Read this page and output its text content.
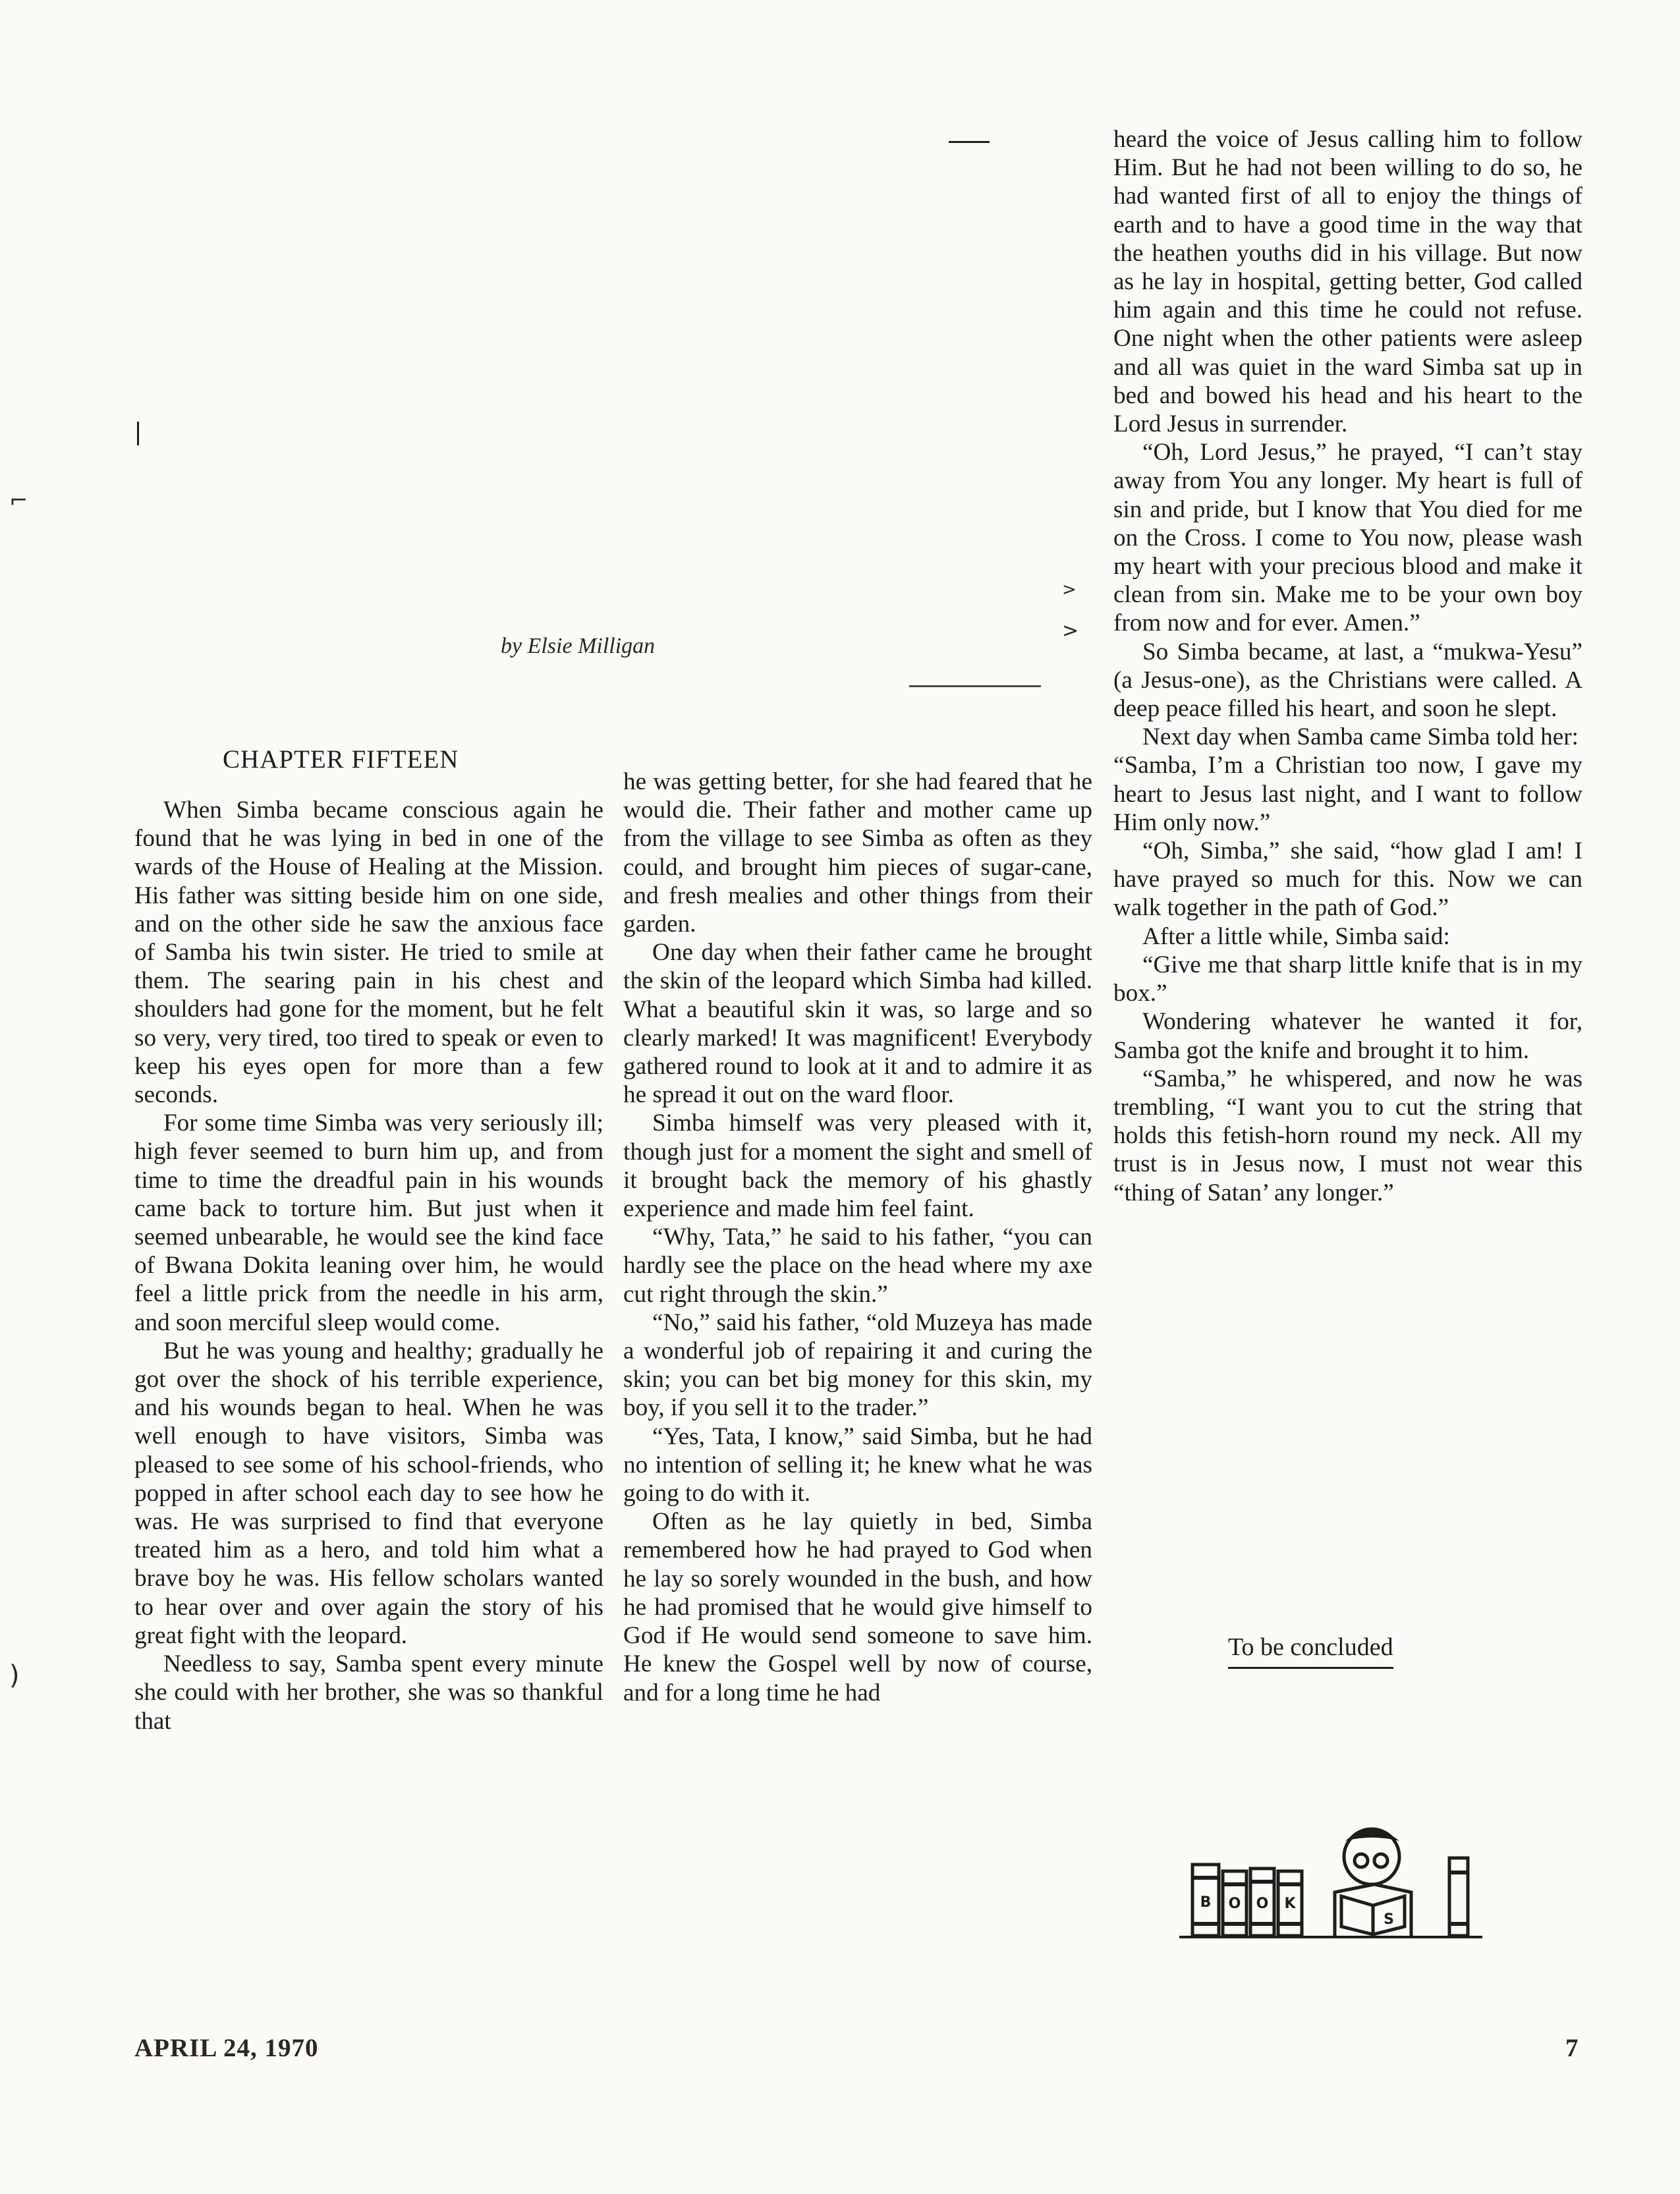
by Elsie Milligan
CHAPTER FIFTEEN

When Simba became conscious again he found that he was lying in bed in one of the wards of the House of Healing at the Mission. His father was sitting beside him on one side, and on the other side he saw the anxious face of Samba his twin sister. He tried to smile at them. The searing pain in his chest and shoulders had gone for the moment, but he felt so very, very tired, too tired to speak or even to keep his eyes open for more than a few seconds.

For some time Simba was very seriously ill; high fever seemed to burn him up, and from time to time the dreadful pain in his wounds came back to torture him. But just when it seemed unbearable, he would see the kind face of Bwana Dokita leaning over him, he would feel a little prick from the needle in his arm, and soon merciful sleep would come.

But he was young and healthy; gradually he got over the shock of his terrible experience, and his wounds began to heal. When he was well enough to have visitors, Simba was pleased to see some of his school-friends, who popped in after school each day to see how he was. He was surprised to find that everyone treated him as a hero, and told him what a brave boy he was. His fellow scholars wanted to hear over and over again the story of his great fight with the leopard.

Needless to say, Samba spent every minute she could with her brother, she was so thankful that

he was getting better, for she had feared that he would die. Their father and mother came up from the village to see Simba as often as they could, and brought him pieces of sugar-cane, and fresh mealies and other things from their garden.

One day when their father came he brought the skin of the leopard which Simba had killed. What a beautiful skin it was, so large and so clearly marked! It was magnificent! Everybody gathered round to look at it and to admire it as he spread it out on the ward floor.

Simba himself was very pleased with it, though just for a moment the sight and smell of it brought back the memory of his ghastly experience and made him feel faint.

“Why, Tata,” he said to his father, “you can hardly see the place on the head where my axe cut right through the skin.”

“No,” said his father, “old Muzeya has made a wonderful job of repairing it and curing the skin; you can bet big money for this skin, my boy, if you sell it to the trader.”

“Yes, Tata, I know,” said Simba, but he had no intention of selling it; he knew what he was going to do with it.

Often as he lay quietly in bed, Simba remembered how he had prayed to God when he lay so sorely wounded in the bush, and how he had promised that he would give himself to God if He would send someone to save him. He knew the Gospel well by now of course, and for a long time he had

heard the voice of Jesus calling him to follow Him. But he had not been willing to do so, he had wanted first of all to enjoy the things of earth and to have a good time in the way that the heathen youths did in his village. But now as he lay in hospital, getting better, God called him again and this time he could not refuse. One night when the other patients were asleep and all was quiet in the ward Simba sat up in bed and bowed his head and his heart to the Lord Jesus in surrender.

“Oh, Lord Jesus,” he prayed, “I can’t stay away from You any longer. My heart is full of sin and pride, but I know that You died for me on the Cross. I come to You now, please wash my heart with your precious blood and make it clean from sin. Make me to be your own boy from now and for ever. Amen.”

So Simba became, at last, a “mukwa-Yesu” (a Jesus-one), as the Christians were called. A deep peace filled his heart, and soon he slept.

Next day when Samba came Simba told her:

“Samba, I’m a Christian too now, I gave my heart to Jesus last night, and I want to follow Him only now.”

“Oh, Simba,” she said, “how glad I am! I have prayed so much for this. Now we can walk together in the path of God.”

After a little while, Simba said:

“Give me that sharp little knife that is in my box.”

Wondering whatever he wanted it for, Samba got the knife and brought it to him.

“Samba,” he whispered, and now he was trembling, “I want you to cut the string that holds this fetish-horn round my neck. All my trust is in Jesus now, I must not wear this “thing of Satan’ any longer.”

To be concluded
B O O K
S
APRIL 24, 1970	7
⌐
)
>
>
